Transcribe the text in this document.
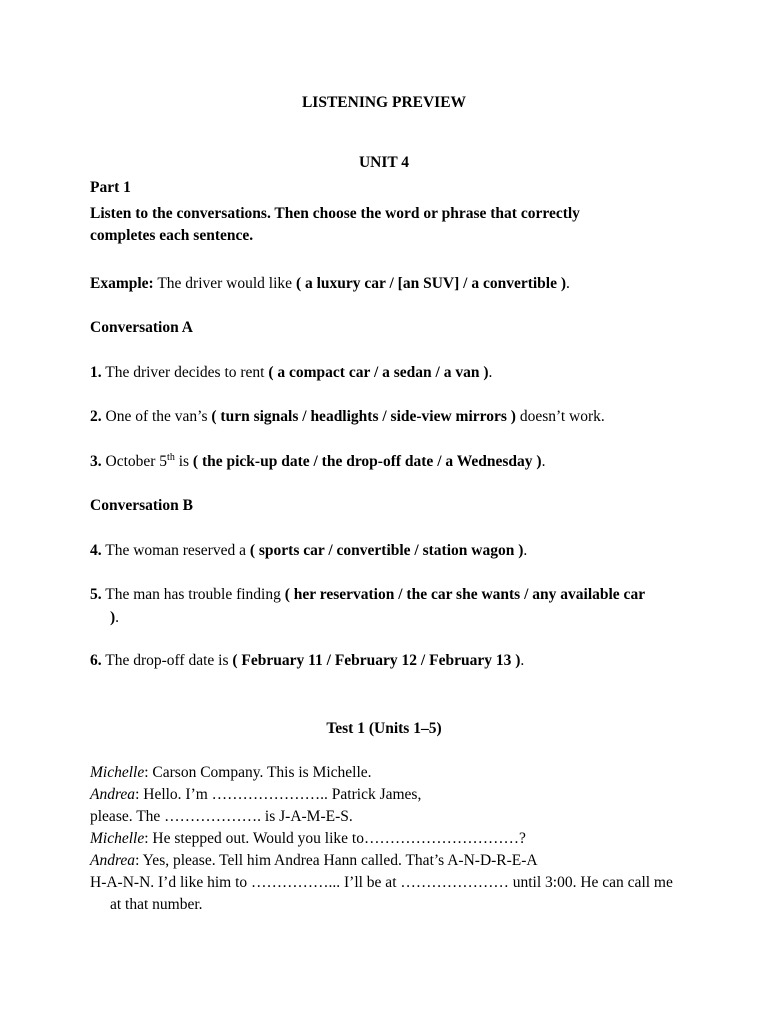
LISTENING PREVIEW
UNIT 4
Part 1
Listen to the conversations. Then choose the word or phrase that correctly completes each sentence.
Example: The driver would like ( a luxury car / [an SUV] / a convertible ).
Conversation A
1. The driver decides to rent ( a compact car / a sedan / a van ).
2. One of the van’s ( turn signals / headlights / side-view mirrors ) doesn’t work.
3. October 5th is ( the pick-up date / the drop-off date / a Wednesday ).
Conversation B
4. The woman reserved a ( sports car / convertible / station wagon ).
5. The man has trouble finding ( her reservation / the car she wants / any available car
).
6. The drop-off date is ( February 11 / February 12 / February 13 ).
Test 1 (Units 1–5)
Michelle: Carson Company. This is Michelle.
Andrea: Hello. I’m ………………….. Patrick James,
please. The ………………. is J-A-M-E-S.
Michelle: He stepped out. Would you like to…………………………?
Andrea: Yes, please. Tell him Andrea Hann called. That’s A-N-D-R-E-A
H-A-N-N. I’d like him to ……………... I’ll be at ………………… until 3:00. He can call me at that number.
